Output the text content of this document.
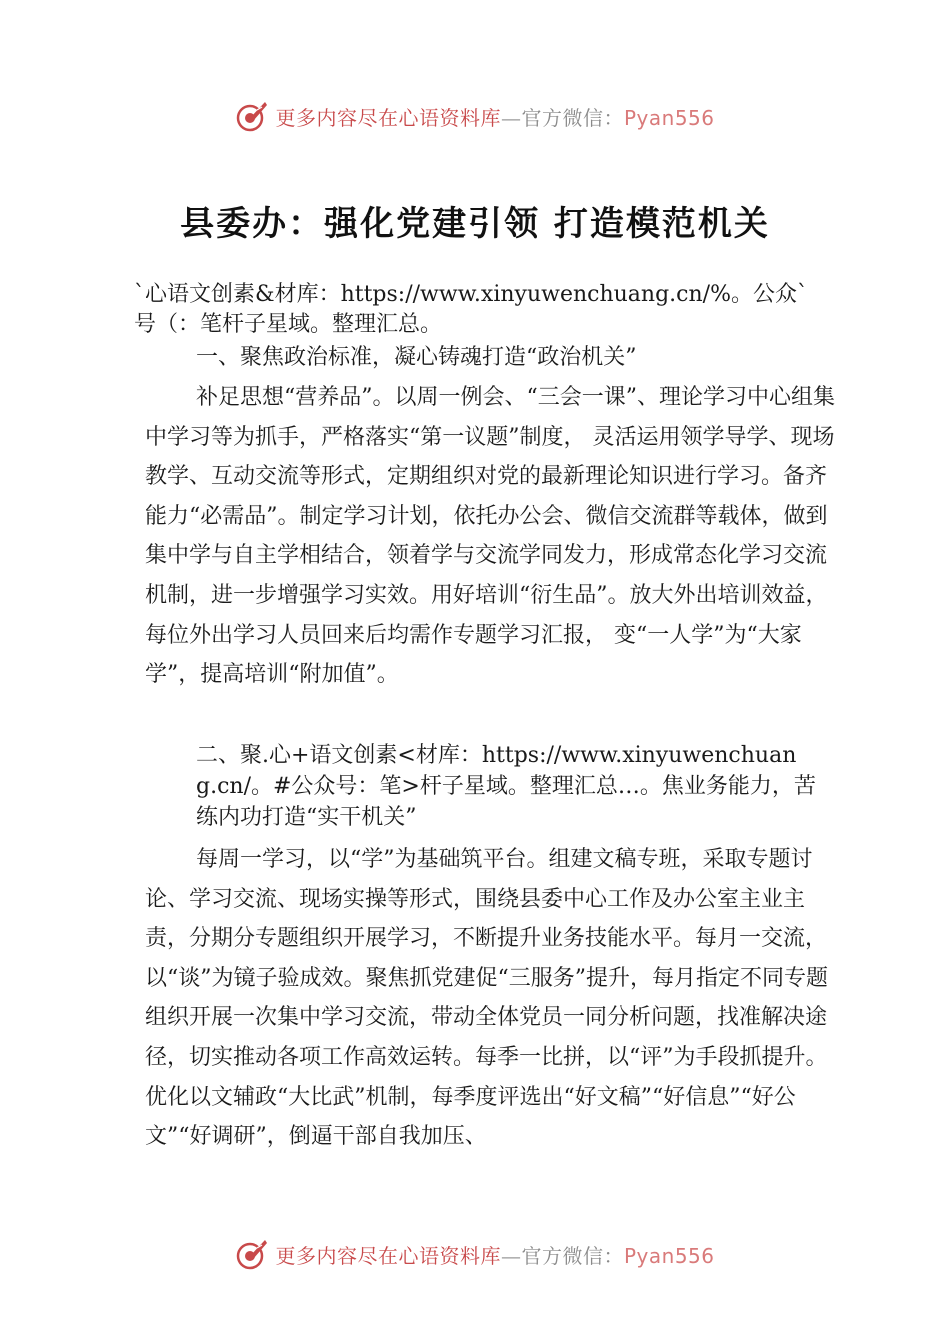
更多内容尽在心语资料库—官方微信：Pyan556
县委办：强化党建引领 打造模范机关

`心语文创素&材库：https://www.xinyuwenchuang.cn/%。公众`号（：笔杆子星域。整理汇总。

一、聚焦政治标准，凝心铸魂打造“政治机关”

补足思想“营养品”。以周一例会、“三会一课”、理论学习中心组集中学习等为抓手，严格落实“第一议题”制度， 灵活运用领学导学、现场教学、互动交流等形式，定期组织对党的最新理论知识进行学习。备齐能力“必需品”。制定学习计划，依托办公会、微信交流群等载体，做到集中学与自主学相结合，领着学与交流学同发力，形成常态化学习交流机制，进一步增强学习实效。用好培训“衍生品”。放大外出培训效益，每位外出学习人员回来后均需作专题学习汇报， 变“一人学”为“大家学”，提高培训“附加值”。

二、聚.心+语文创素<材库：https://www.xinyuwenchuang.cn/。#公众号：笔>杆子星域。整理汇总…。焦业务能力，苦练内功打造“实干机关”

每周一学习，以“学”为基础筑平台。组建文稿专班，采取专题讨论、学习交流、现场实操等形式，围绕县委中心工作及办公室主业主责，分期分专题组织开展学习，不断提升业务技能水平。每月一交流，以“谈”为镜子验成效。聚焦抓党建促“三服务”提升，每月指定不同专题组织开展一次集中学习交流，带动全体党员一同分析问题，找准解决途径，切实推动各项工作高效运转。每季一比拼，以“评”为手段抓提升。优化以文辅政“大比武”机制，每季度评选出“好文稿”“好信息”“好公文”“好调研”，倒逼干部自我加压、

更多内容尽在心语资料库—官方微信：Pyan556
